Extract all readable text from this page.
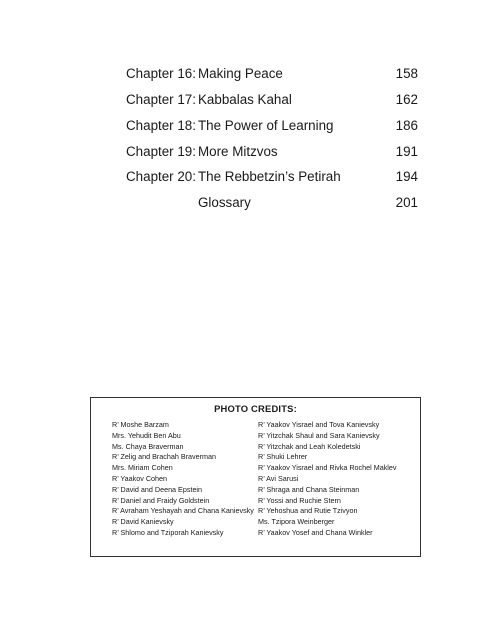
Chapter 16: Making Peace	158
Chapter 17: Kabbalas Kahal	162
Chapter 18: The Power of Learning	186
Chapter 19: More Mitzvos	191
Chapter 20: The Rebbetzin’s Petirah	194
Glossary	201
PHOTO CREDITS:
R’ Moshe Barzam
Mrs. Yehudit Ben Abu
Ms. Chaya Braverman
R’ Zelig and Brachah Braverman
Mrs. Miriam Cohen
R’ Yaakov Cohen
R’ David and Deena Epstein
R’ Daniel and Fraidy Goldstein
R’ Avraham Yeshayah and Chana Kanievsky
R’ David Kanievsky
R’ Shlomo and Tziporah Kanievsky
R’ Yaakov Yisrael and Tova Kanievsky
R’ Yitzchak Shaul and Sara Kanievsky
R’ Yitzchak and Leah Koledetski
R’ Shuki Lehrer
R’ Yaakov Yisrael and Rivka Rochel Maklev
R’ Avi Sarusi
R’ Shraga and Chana Steinman
R’ Yossi and Ruchie Stern
R’ Yehoshua and Rutie Tzivyon
Ms. Tzipora Weinberger
R’ Yaakov Yosef and Chana Winkler
